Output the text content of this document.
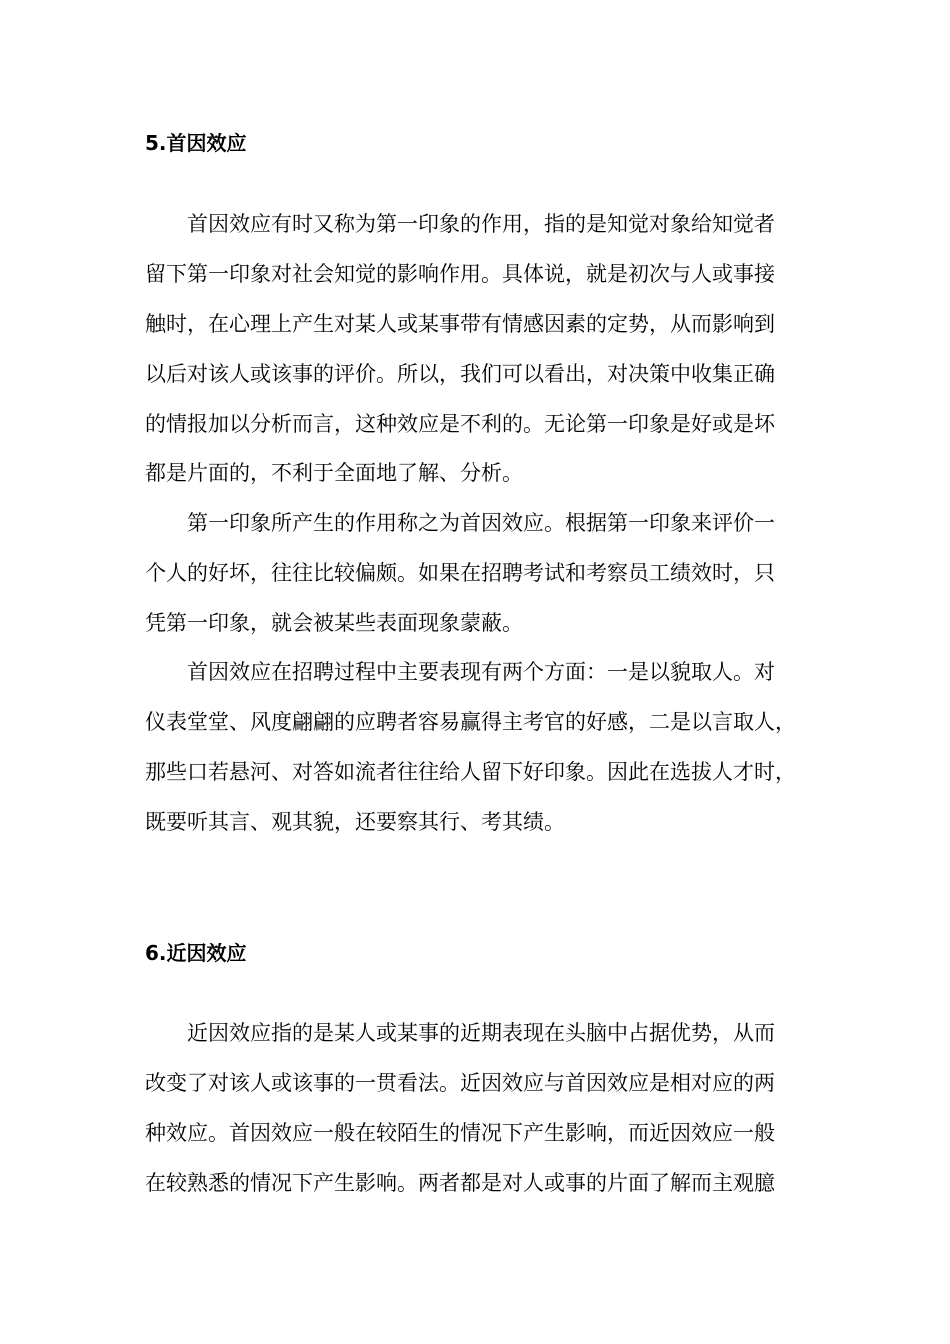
5.首因效应
首因效应有时又称为第一印象的作用，指的是知觉对象给知觉者
留下第一印象对社会知觉的影响作用。具体说，就是初次与人或事接
触时，在心理上产生对某人或某事带有情感因素的定势，从而影响到
以后对该人或该事的评价。所以，我们可以看出，对决策中收集正确
的情报加以分析而言，这种效应是不利的。无论第一印象是好或是坏
都是片面的，不利于全面地了解、分析。
第一印象所产生的作用称之为首因效应。根据第一印象来评价一
个人的好坏，往往比较偏颇。如果在招聘考试和考察员工绩效时，只
凭第一印象，就会被某些表面现象蒙蔽。
首因效应在招聘过程中主要表现有两个方面：一是以貌取人。对
仪表堂堂、风度翩翩的应聘者容易赢得主考官的好感，二是以言取人，
那些口若悬河、对答如流者往往给人留下好印象。因此在选拔人才时，
既要听其言、观其貌，还要察其行、考其绩。
6.近因效应
近因效应指的是某人或某事的近期表现在头脑中占据优势，从而
改变了对该人或该事的一贯看法。近因效应与首因效应是相对应的两
种效应。首因效应一般在较陌生的情况下产生影响，而近因效应一般
在较熟悉的情况下产生影响。两者都是对人或事的片面了解而主观臆
